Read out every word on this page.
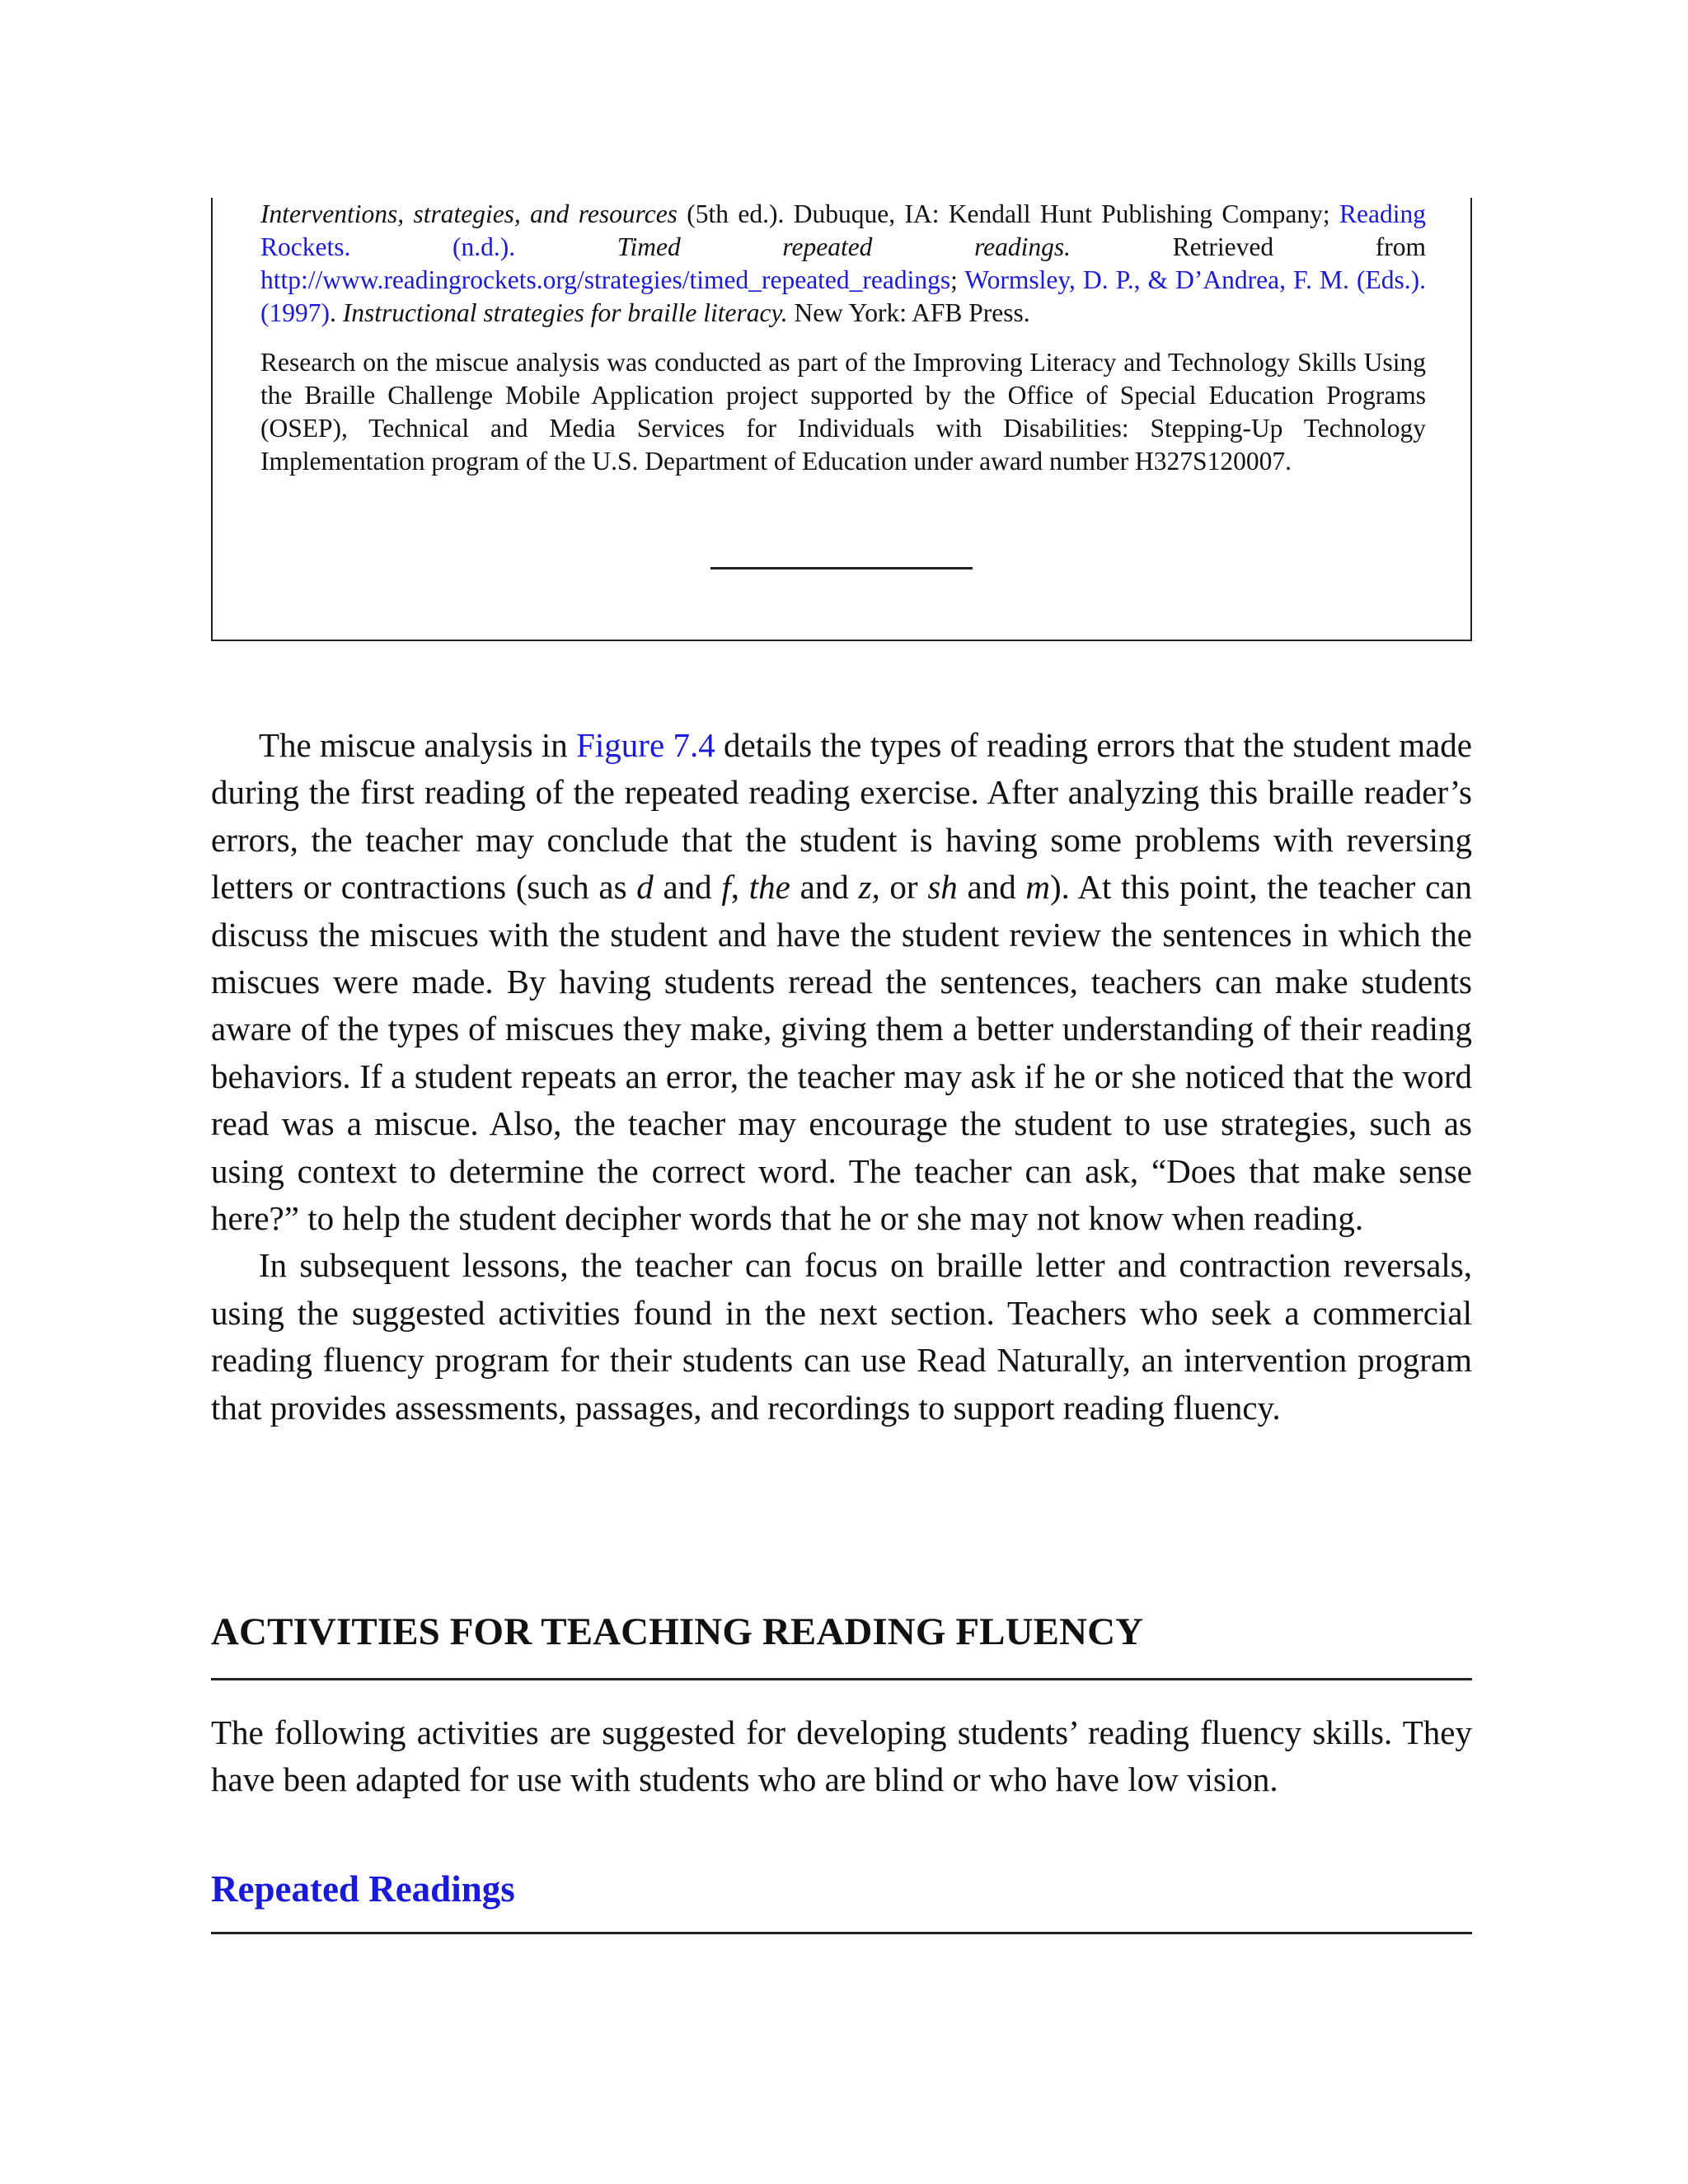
Interventions, strategies, and resources (5th ed.). Dubuque, IA: Kendall Hunt Publishing Company; Reading Rockets. (n.d.).	Timed repeated readings. Retrieved from http://www.readingrockets.org/strategies/timed_repeated_readings; Wormsley, D. P., & D’Andrea, F. M. (Eds.). (1997). Instructional strategies for braille literacy. New York: AFB Press.

Research on the miscue analysis was conducted as part of the Improving Literacy and Technology Skills Using the Braille Challenge Mobile Application project supported by the Office of Special Education Programs (OSEP), Technical and Media Services for Individuals with Disabilities: Stepping-Up Technology Implementation program of the U.S. Department of Education under award number H327S120007.

The miscue analysis in Figure 7.4 details the types of reading errors that the student made during the first reading of the repeated reading exercise. After analyzing this braille reader’s errors, the teacher may conclude that the student is having some problems with reversing letters or contractions (such as d and f, the and z, or sh and m). At this point, the teacher can discuss the miscues with the student and have the student review the sentences in which the miscues were made. By having students reread the sentences, teachers can make students aware of the types of miscues they make, giving them a better understanding of their reading behaviors. If a student repeats an error, the teacher may ask if he or she noticed that the word read was a miscue. Also, the teacher may encourage the student to use strategies, such as using context to determine the correct word. The teacher can ask, “Does that make sense here?” to help the student decipher words that he or she may not know when reading.

In subsequent lessons, the teacher can focus on braille letter and contraction reversals, using the suggested activities found in the next section. Teachers who seek a commercial reading fluency program for their students can use Read Naturally, an intervention program that provides assessments, passages, and recordings to support reading fluency.

ACTIVITIES FOR TEACHING READING FLUENCY

The following activities are suggested for developing students’ reading fluency skills. They have been adapted for use with students who are blind or who have low vision.

Repeated Readings
